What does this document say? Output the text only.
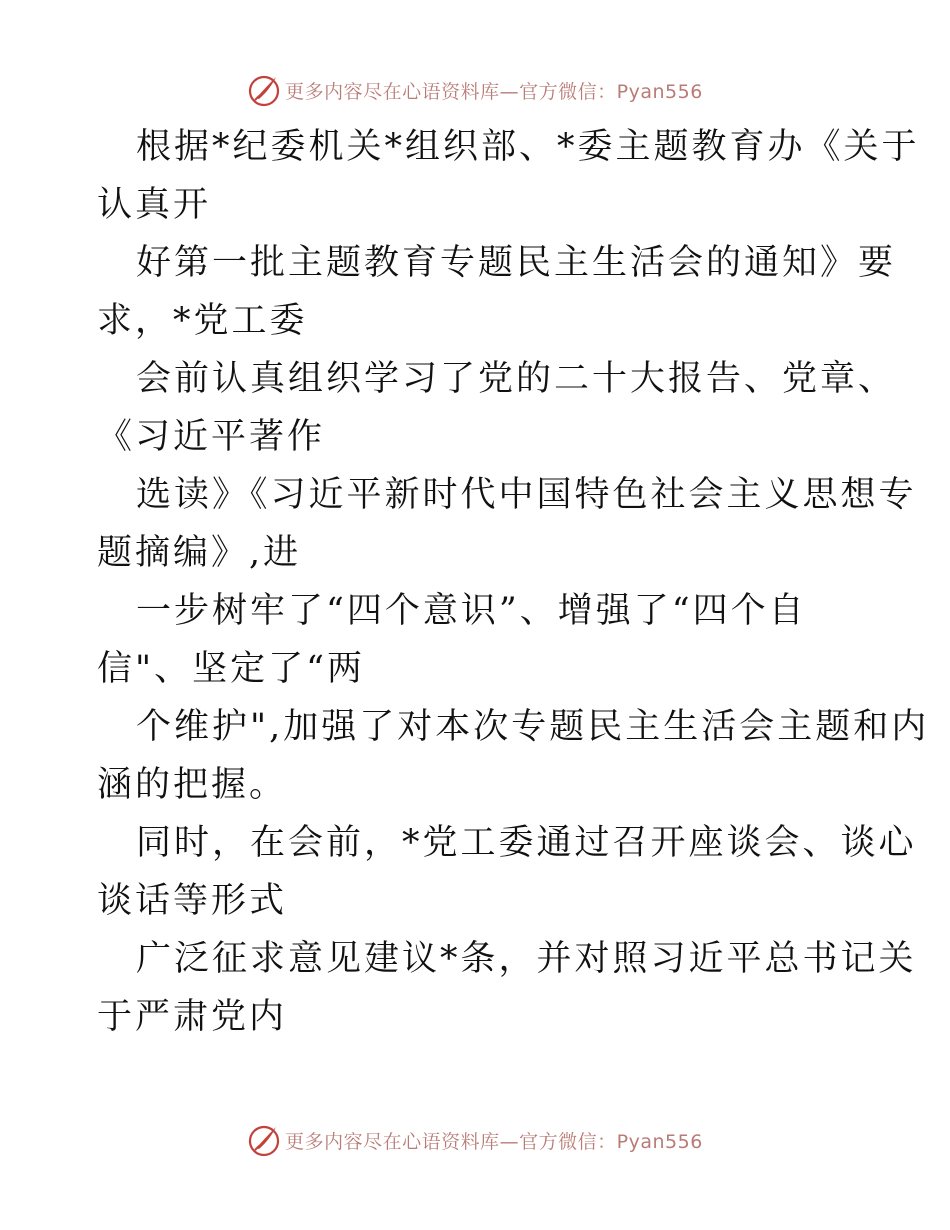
更多内容尽在心语资料库—官方微信：Pyan556

根据*纪委机关*组织部、*委主题教育办《关于

认真开

好第一批主题教育专题民主生活会的通知》要

求，*党工委

会前认真组织学习了党的二十大报告、党章、

《习近平著作

选读》《习近平新时代中国特色社会主义思想专

题摘编》,进

一步树牢了“四个意识”、增强了“四个自

信"、坚定了“两

个维护",加强了对本次专题民主生活会主题和内

涵的把握。

同时，在会前，*党工委通过召开座谈会、谈心

谈话等形式

广泛征求意见建议*条，并对照习近平总书记关

于严肃党内

更多内容尽在心语资料库—官方微信：Pyan556
